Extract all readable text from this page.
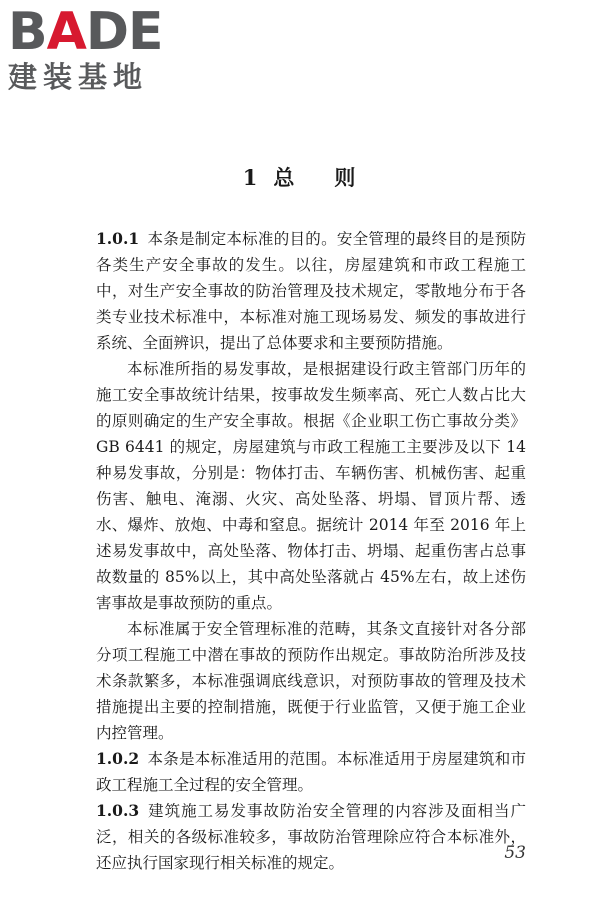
BADE
建装基地
1 总 则

1.0.1 本条是制定本标准的目的。安全管理的最终目的是预防各类生产安全事故的发生。以往，房屋建筑和市政工程施工中，对生产安全事故的防治管理及技术规定，零散地分布于各类专业技术标准中，本标准对施工现场易发、频发的事故进行系统、全面辨识，提出了总体要求和主要预防措施。

本标准所指的易发事故，是根据建设行政主管部门历年的施工安全事故统计结果，按事故发生频率高、死亡人数占比大的原则确定的生产安全事故。根据《企业职工伤亡事故分类》GB 6441 的规定，房屋建筑与市政工程施工主要涉及以下 14 种易发事故，分别是：物体打击、车辆伤害、机械伤害、起重伤害、触电、淹溺、火灾、高处坠落、坍塌、冒顶片帮、透水、爆炸、放炮、中毒和窒息。据统计 2014 年至 2016 年上述易发事故中，高处坠落、物体打击、坍塌、起重伤害占总事故数量的 85%以上，其中高处坠落就占 45%左右，故上述伤害事故是事故预防的重点。

本标准属于安全管理标准的范畴，其条文直接针对各分部分项工程施工中潜在事故的预防作出规定。事故防治所涉及技术条款繁多，本标准强调底线意识，对预防事故的管理及技术措施提出主要的控制措施，既便于行业监管，又便于施工企业内控管理。

1.0.2 本条是本标准适用的范围。本标准适用于房屋建筑和市政工程施工全过程的安全管理。

1.0.3 建筑施工易发事故防治安全管理的内容涉及面相当广泛，相关的各级标准较多，事故防治管理除应符合本标准外，还应执行国家现行相关标准的规定。	53
